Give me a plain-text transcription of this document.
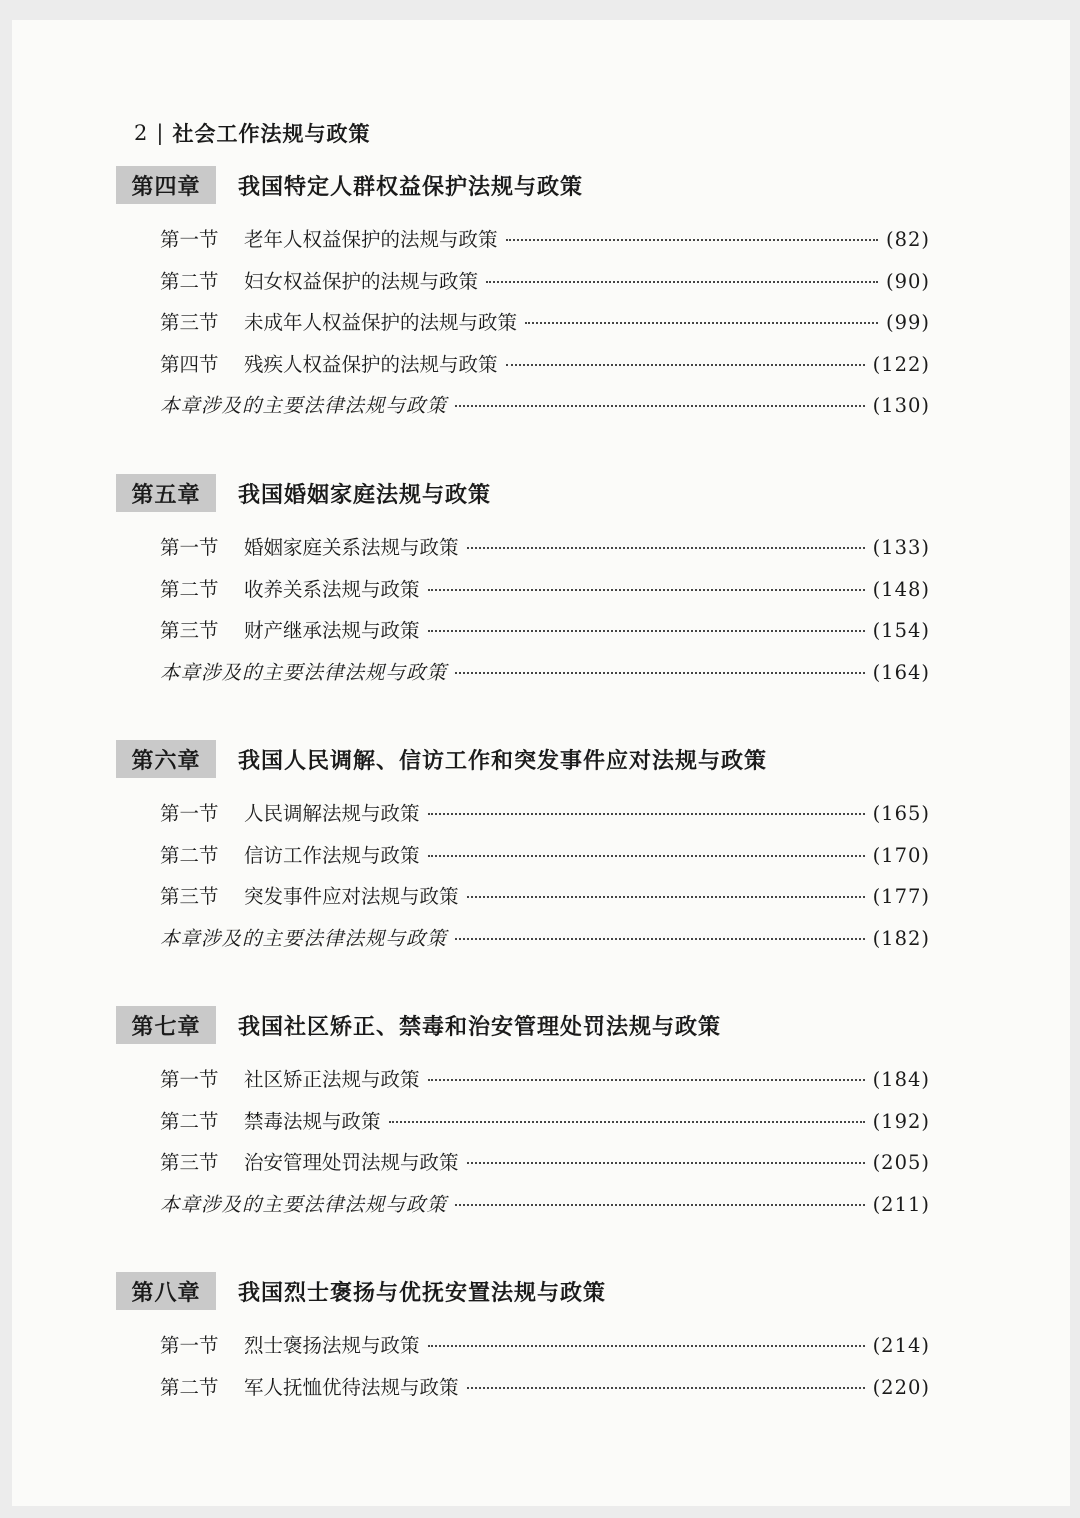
2 | 社会工作法规与政策
第四章	我国特定人群权益保护法规与政策
第一节	老年人权益保护的法规与政策	(82)
第二节	妇女权益保护的法规与政策	(90)
第三节	未成年人权益保护的法规与政策	(99)
第四节	残疾人权益保护的法规与政策	(122)
本章涉及的主要法律法规与政策	(130)
第五章	我国婚姻家庭法规与政策
第一节	婚姻家庭关系法规与政策	(133)
第二节	收养关系法规与政策	(148)
第三节	财产继承法规与政策	(154)
本章涉及的主要法律法规与政策	(164)
第六章	我国人民调解、信访工作和突发事件应对法规与政策
第一节	人民调解法规与政策	(165)
第二节	信访工作法规与政策	(170)
第三节	突发事件应对法规与政策	(177)
本章涉及的主要法律法规与政策	(182)
第七章	我国社区矫正、禁毒和治安管理处罚法规与政策
第一节	社区矫正法规与政策	(184)
第二节	禁毒法规与政策	(192)
第三节	治安管理处罚法规与政策	(205)
本章涉及的主要法律法规与政策	(211)
第八章	我国烈士褒扬与优抚安置法规与政策
第一节	烈士褒扬法规与政策	(214)
第二节	军人抚恤优待法规与政策	(220)
